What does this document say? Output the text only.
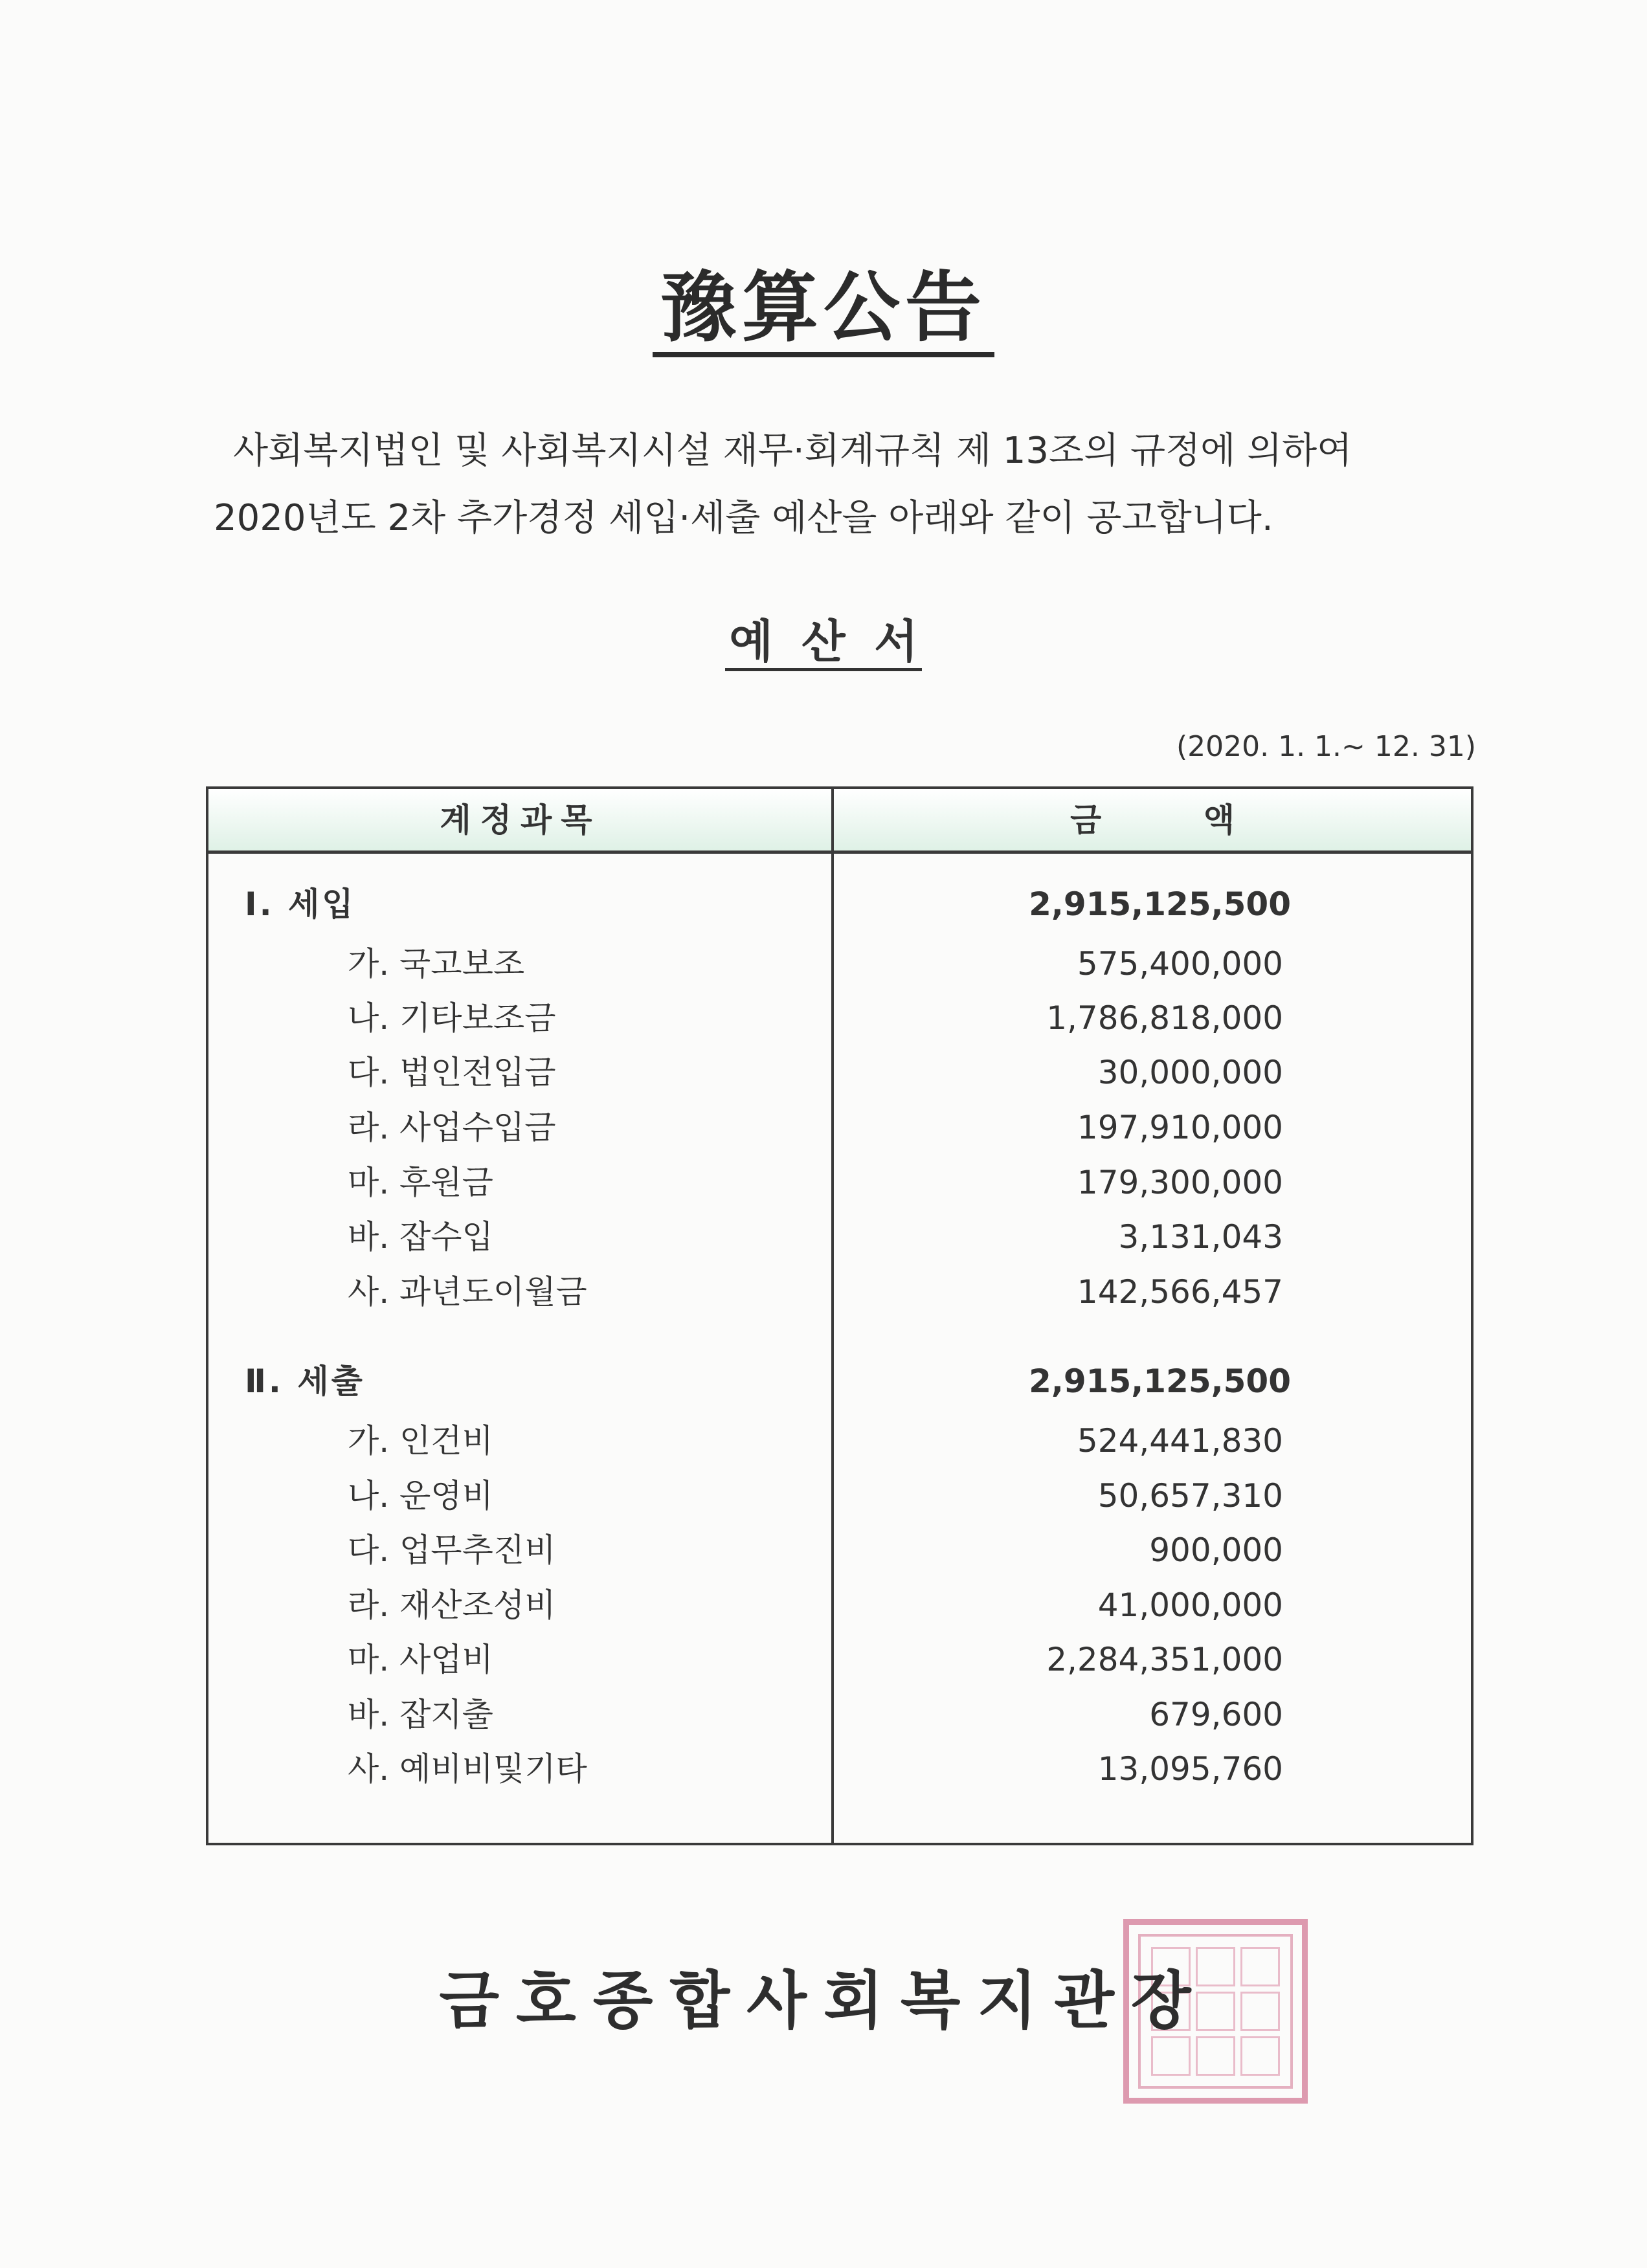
豫算公告
사회복지법인 및 사회복지시설 재무·회계규칙 제 13조의 규정에 의하여
2020년도 2차 추가경정 세입·세출 예산을 아래와 같이 공고합니다.
예 산 서
(2020. 1. 1.~ 12. 31)
계정과목	금 액
Ⅰ. 세입	2,915,125,500
가. 국고보조	575,400,000
나. 기타보조금	1,786,818,000
다. 법인전입금	30,000,000
라. 사업수입금	197,910,000
마. 후원금	179,300,000
바. 잡수입	3,131,043
사. 과년도이월금	142,566,457
Ⅱ. 세출	2,915,125,500
가. 인건비	524,441,830
나. 운영비	50,657,310
다. 업무추진비	900,000
라. 재산조성비	41,000,000
마. 사업비	2,284,351,000
바. 잡지출	679,600
사. 예비비및기타	13,095,760
금호종합사회복지관장
